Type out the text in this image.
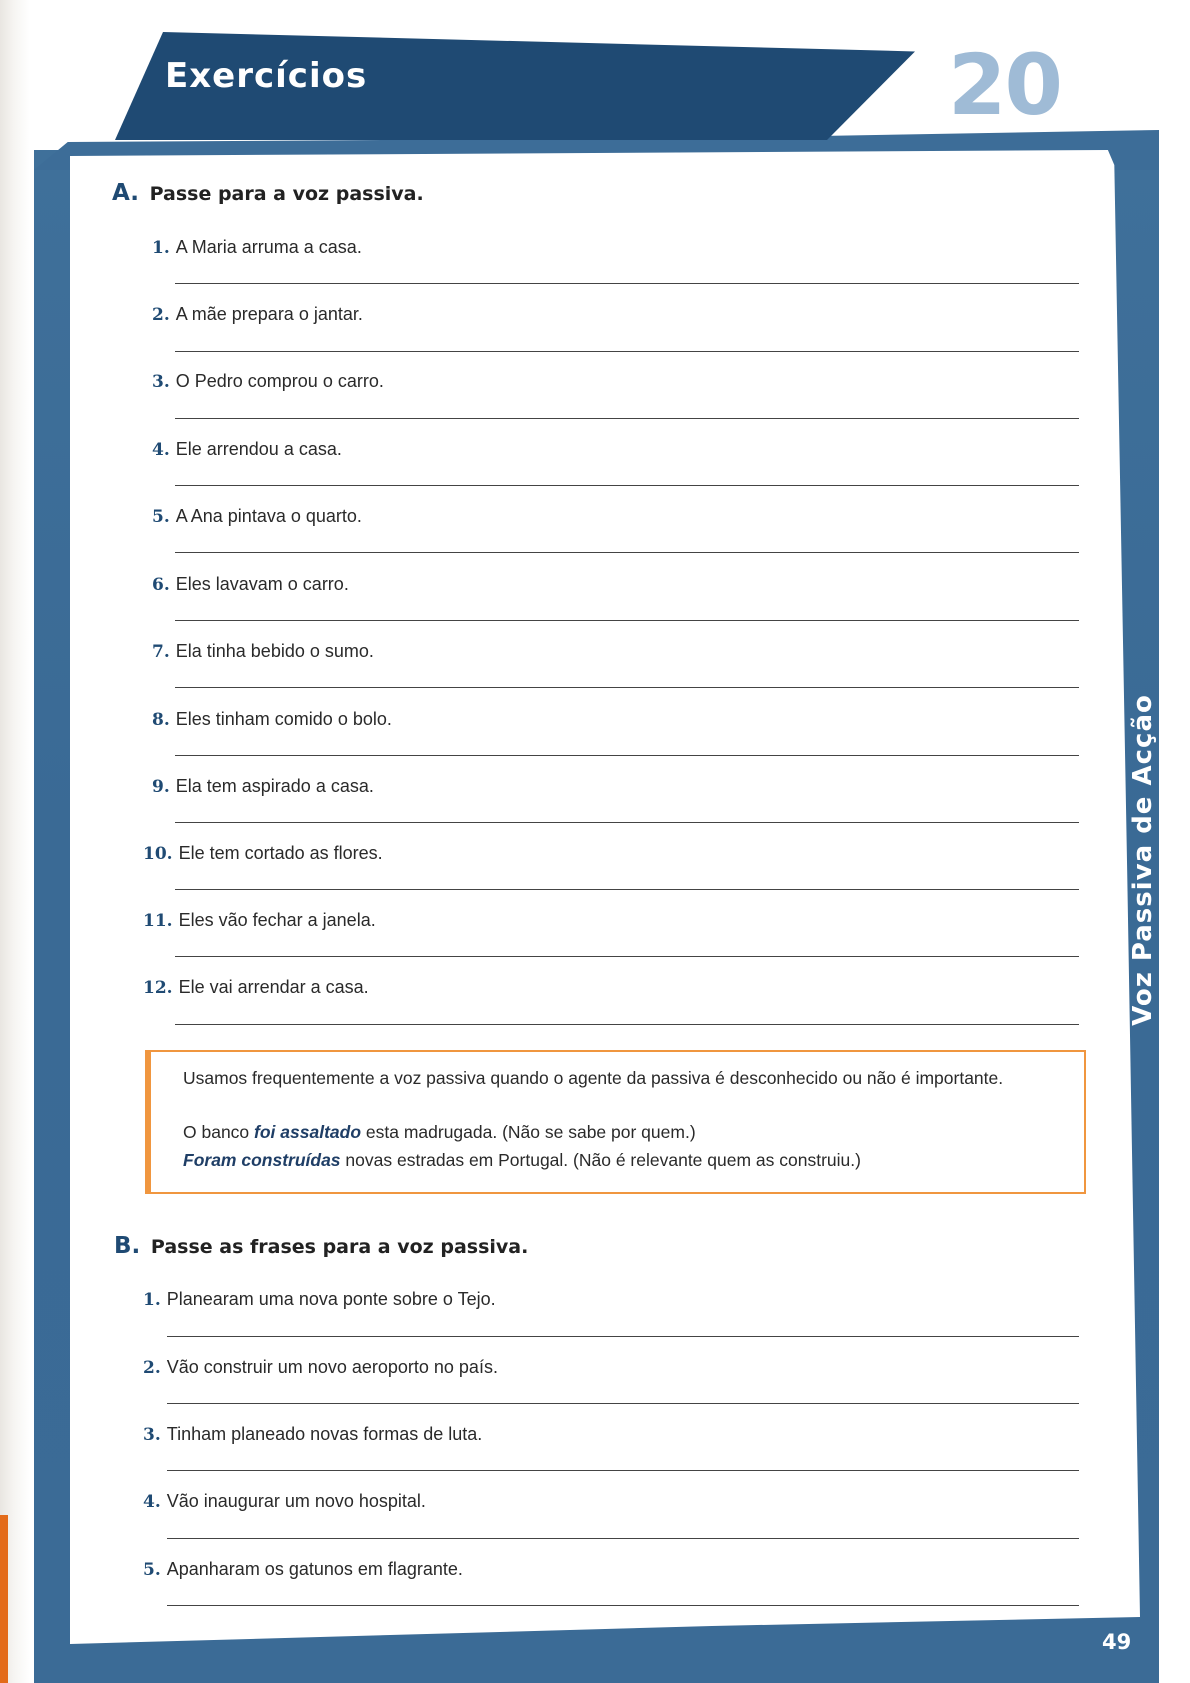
Exercícios	20
Voz Passiva de Acção
49
A. Passe para a voz passiva.
1. A Maria arruma a casa.
2. A mãe prepara o jantar.
3. O Pedro comprou o carro.
4. Ele arrendou a casa.
5. A Ana pintava o quarto.
6. Eles lavavam o carro.
7. Ela tinha bebido o sumo.
8. Eles tinham comido o bolo.
9. Ela tem aspirado a casa.
10. Ele tem cortado as flores.
11. Eles vão fechar a janela.
12. Ele vai arrendar a casa.
Usamos frequentemente a voz passiva quando o agente da passiva é desconhecido ou não é importante.
O banco foi assaltado esta madrugada. (Não se sabe por quem.)
Foram construídas novas estradas em Portugal. (Não é relevante quem as construiu.)
B. Passe as frases para a voz passiva.
1. Planearam uma nova ponte sobre o Tejo.
2. Vão construir um novo aeroporto no país.
3. Tinham planeado novas formas de luta.
4. Vão inaugurar um novo hospital.
5. Apanharam os gatunos em flagrante.
